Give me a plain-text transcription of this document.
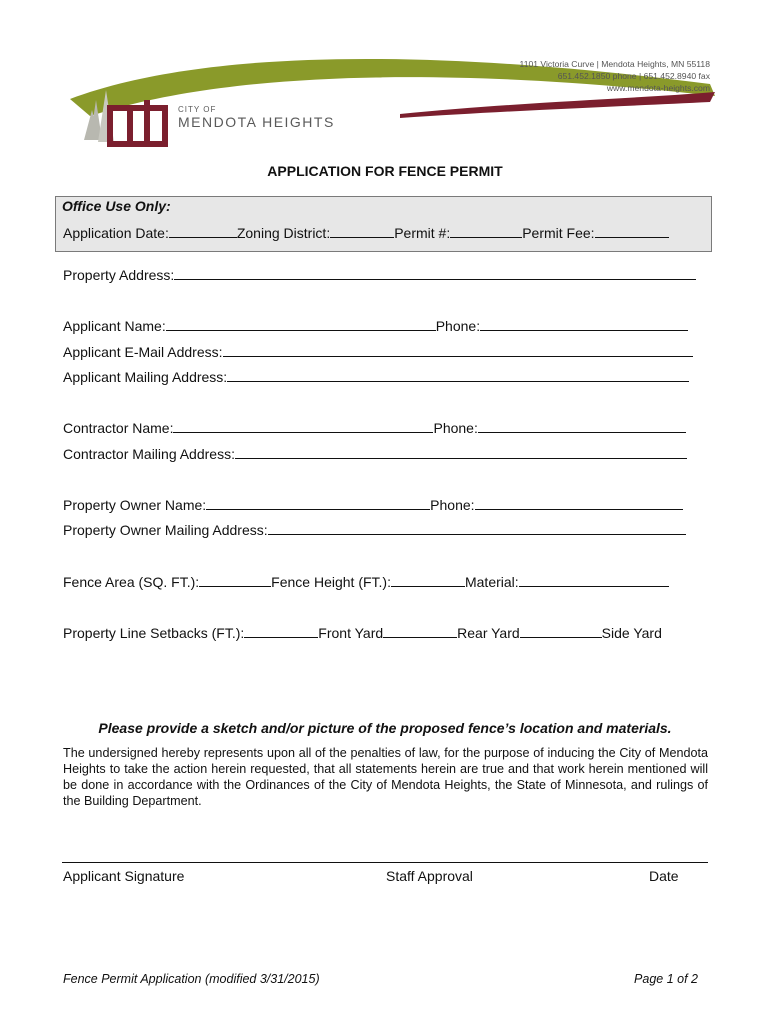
CITY OF
MENDOTA HEIGHTS
1101 Victoria Curve | Mendota Heights, MN 55118
651.452.1850 phone | 651.452.8940 fax
www.mendota-heights.com
APPLICATION FOR FENCE PERMIT
Office Use Only:
Application Date:	Zoning District:	Permit #:	Permit Fee:
Property Address:
Applicant Name:	Phone:
Applicant E-Mail Address:
Applicant Mailing Address:
Contractor Name:	Phone:
Contractor Mailing Address:
Property Owner Name:	Phone:
Property Owner Mailing Address:
Fence Area (SQ. FT.):	Fence Height (FT.):	Material:
Property Line Setbacks (FT.):	Front Yard	Rear Yard	Side Yard
Please provide a sketch and/or picture of the proposed fence’s location and materials.
The undersigned hereby represents upon all of the penalties of law, for the purpose of inducing the City of Mendota Heights to take the action herein requested, that all statements herein are true and that work herein mentioned will be done in accordance with the Ordinances of the City of Mendota Heights, the State of Minnesota, and rulings of the Building Department.
Applicant Signature	Staff Approval	Date
Fence Permit Application (modified 3/31/2015)	Page 1 of 2
